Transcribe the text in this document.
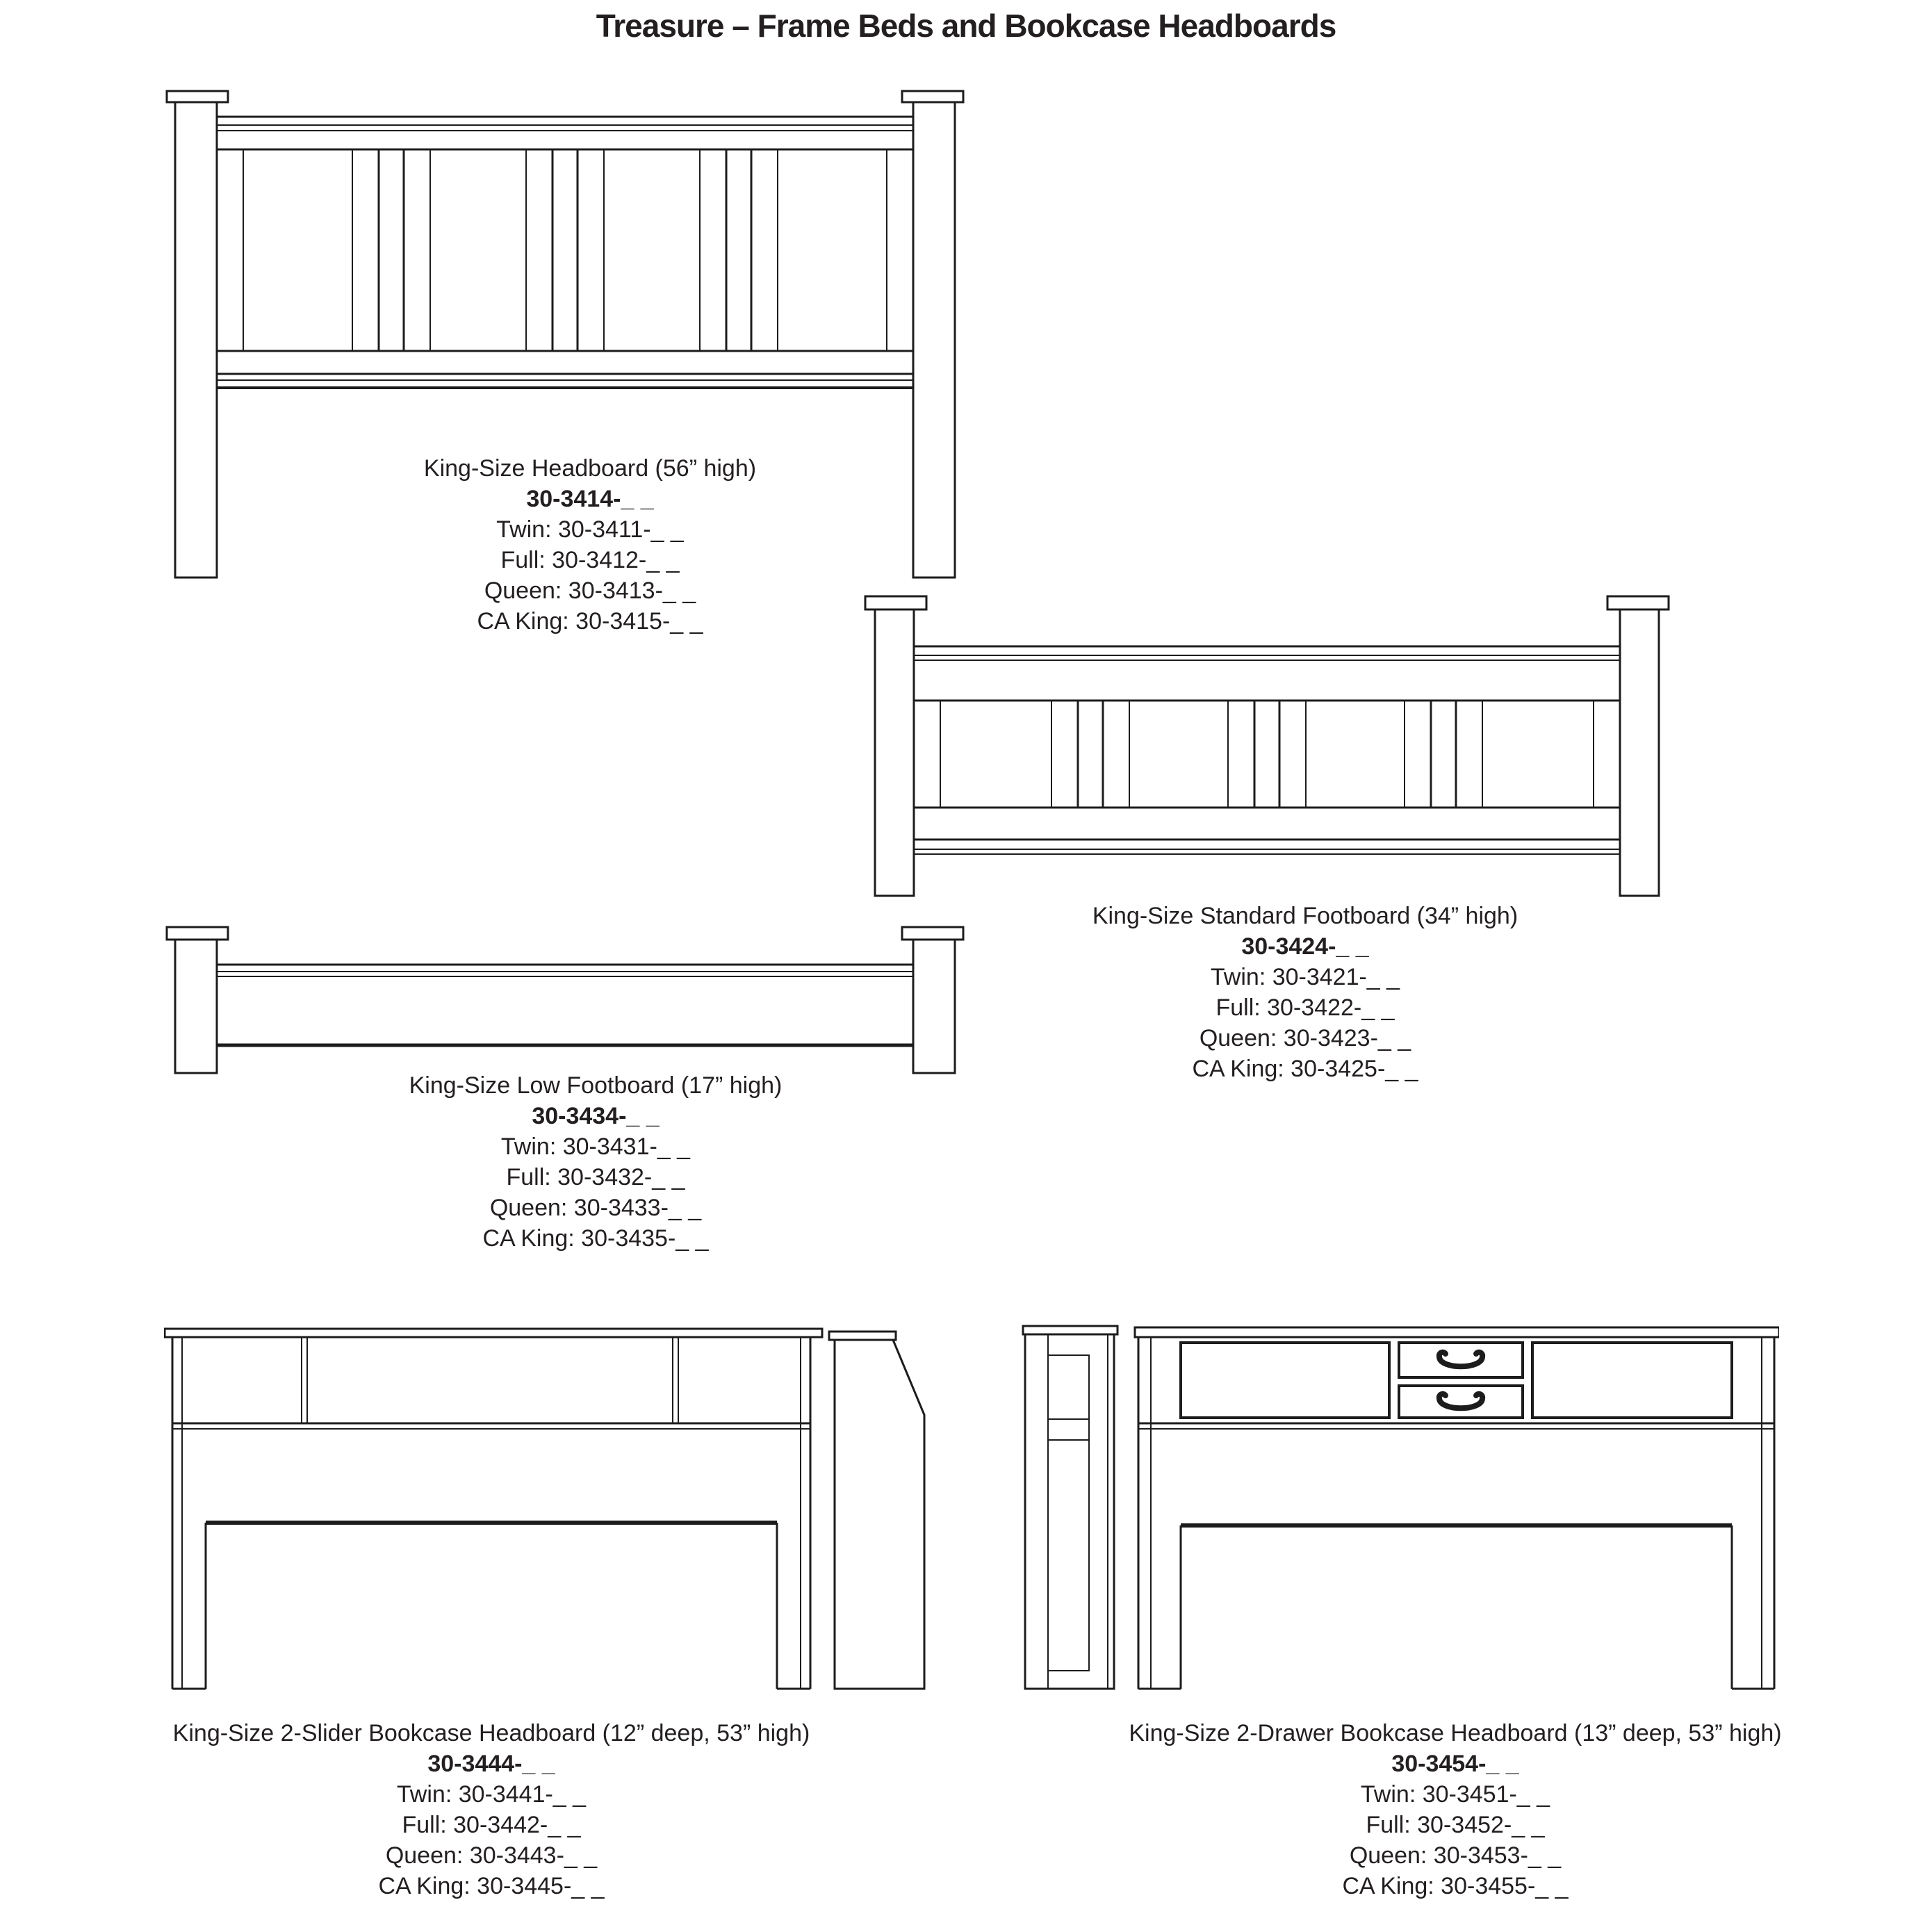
Treasure – Frame Beds and Bookcase Headboards
King-Size Headboard (56” high)
30-3414-_ _
Twin: 30-3411-_ _
Full: 30-3412-_ _
Queen: 30-3413-_ _
CA King: 30-3415-_ _
King-Size Standard Footboard (34” high)
30-3424-_ _
Twin: 30-3421-_ _
Full: 30-3422-_ _
Queen: 30-3423-_ _
CA King: 30-3425-_ _
King-Size Low Footboard (17” high)
30-3434-_ _
Twin: 30-3431-_ _
Full: 30-3432-_ _
Queen: 30-3433-_ _
CA King: 30-3435-_ _
King-Size 2-Slider Bookcase Headboard (12” deep, 53” high)
30-3444-_ _
Twin: 30-3441-_ _
Full: 30-3442-_ _
Queen: 30-3443-_ _
CA King: 30-3445-_ _
King-Size 2-Drawer Bookcase Headboard (13” deep, 53” high)
30-3454-_ _
Twin: 30-3451-_ _
Full: 30-3452-_ _
Queen: 30-3453-_ _
CA King: 30-3455-_ _
